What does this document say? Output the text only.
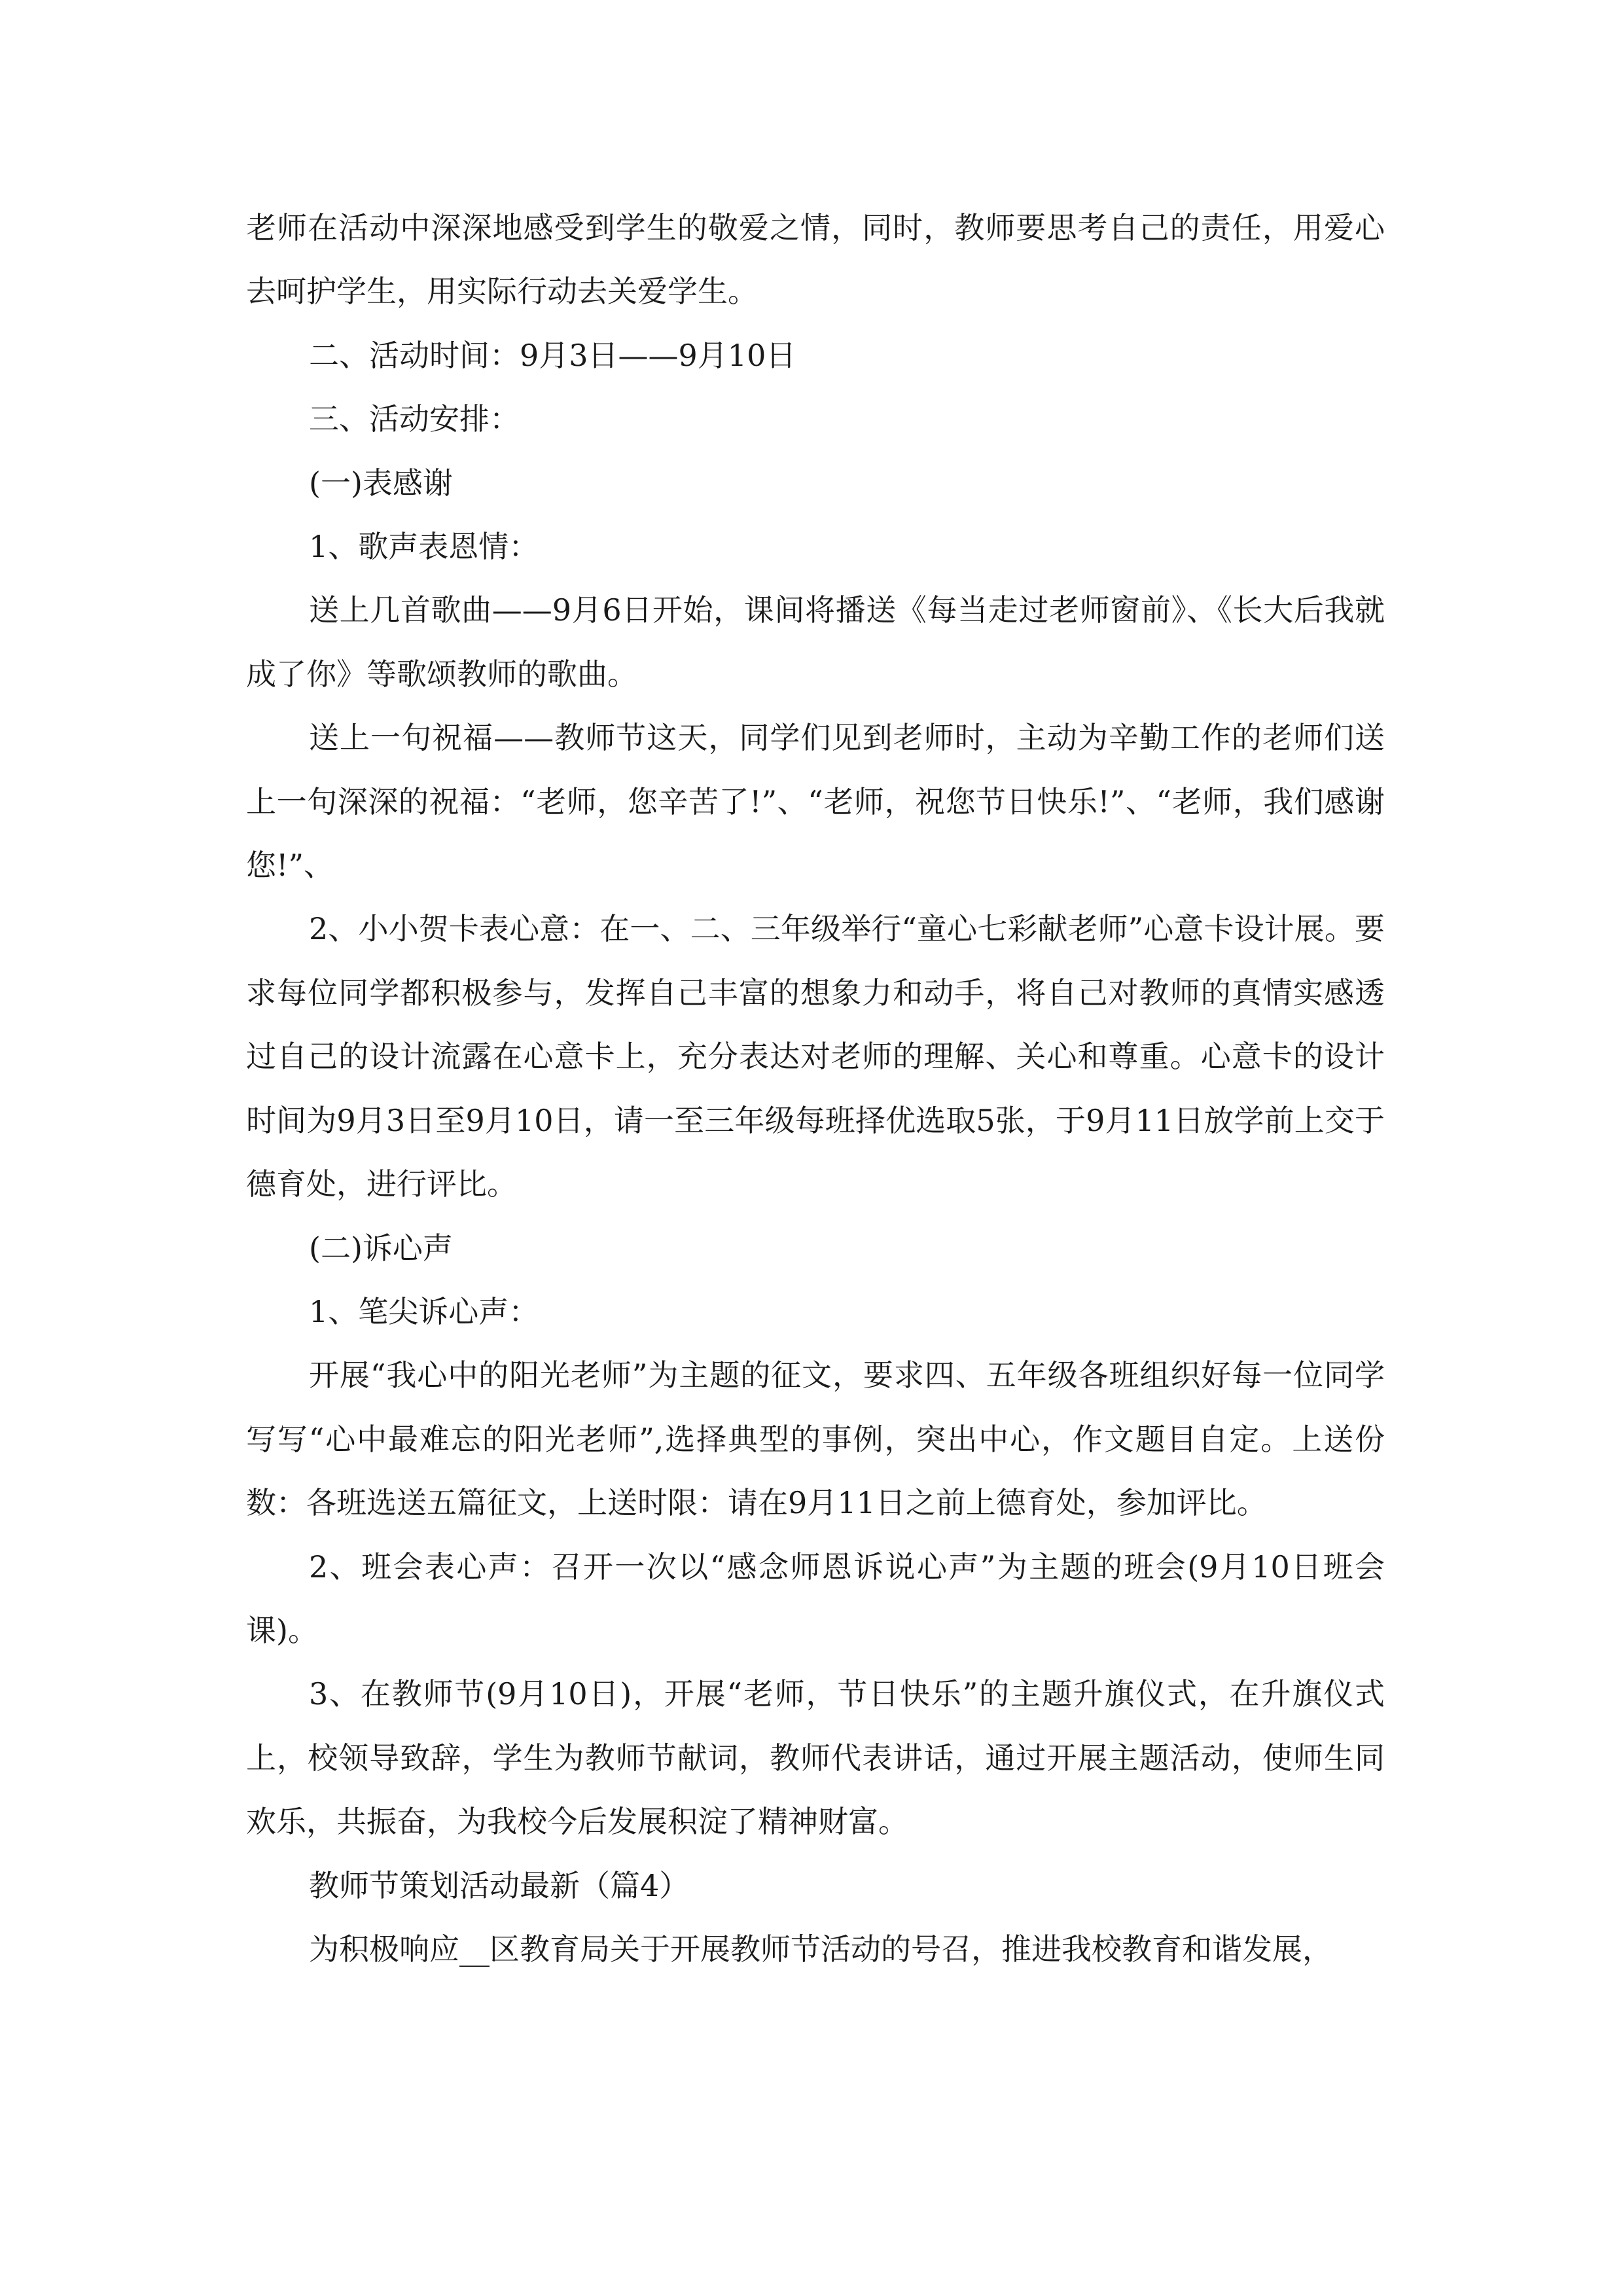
老师在活动中深深地感受到学生的敬爱之情，同时，教师要思考自己的责任，用爱心去呵护学生，用实际行动去关爱学生。

二、活动时间：9月3日——9月10日

三、活动安排：

(一)表感谢

1、歌声表恩情：

送上几首歌曲——9月6日开始，课间将播送《每当走过老师窗前》、《长大后我就成了你》等歌颂教师的歌曲。

送上一句祝福——教师节这天，同学们见到老师时，主动为辛勤工作的老师们送上一句深深的祝福：“老师，您辛苦了!”、“老师，祝您节日快乐!”、“老师，我们感谢您!”、

2、小小贺卡表心意：在一、二、三年级举行“童心七彩献老师”心意卡设计展。要求每位同学都积极参与，发挥自己丰富的想象力和动手，将自己对教师的真情实感透过自己的设计流露在心意卡上，充分表达对老师的理解、关心和尊重。心意卡的设计时间为9月3日至9月10日，请一至三年级每班择优选取5张，于9月11日放学前上交于德育处，进行评比。

(二)诉心声

1、笔尖诉心声：

开展“我心中的阳光老师”为主题的征文，要求四、五年级各班组织好每一位同学写写“心中最难忘的阳光老师”,选择典型的事例，突出中心，作文题目自定。上送份数：各班选送五篇征文，上送时限：请在9月11日之前上德育处，参加评比。

2、班会表心声：召开一次以“感念师恩诉说心声”为主题的班会(9月10日班会课)。

3、在教师节(9月10日)，开展“老师，节日快乐”的主题升旗仪式，在升旗仪式上，校领导致辞，学生为教师节献词，教师代表讲话，通过开展主题活动，使师生同欢乐，共振奋，为我校今后发展积淀了精神财富。

教师节策划活动最新（篇4）

为积极响应__区教育局关于开展教师节活动的号召，推进我校教育和谐发展，
